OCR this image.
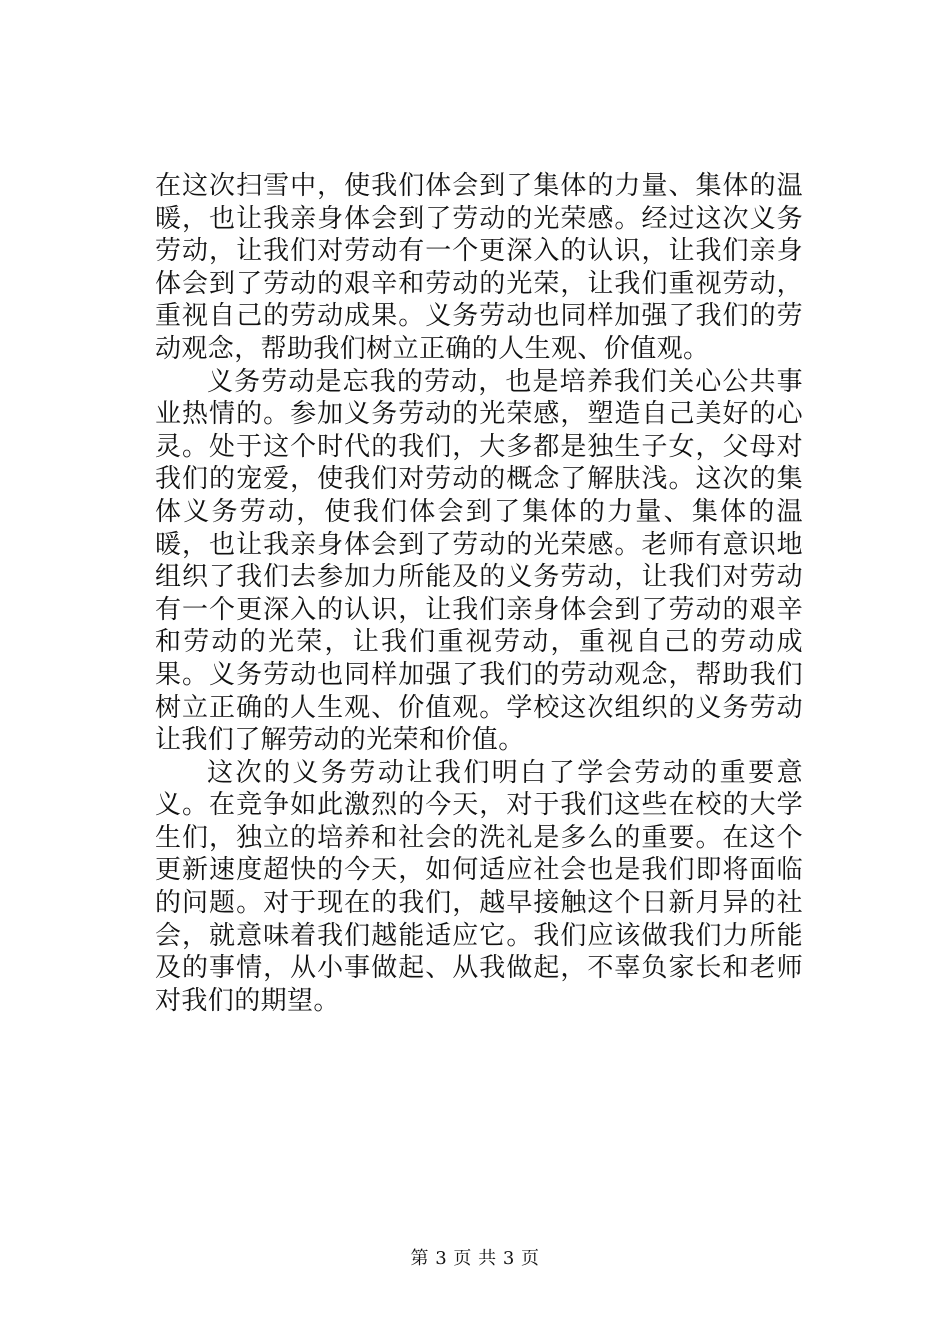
在这次扫雪中，使我们体会到了集体的力量、集体的温暖，也让我亲身体会到了劳动的光荣感。经过这次义务劳动，让我们对劳动有一个更深入的认识，让我们亲身体会到了劳动的艰辛和劳动的光荣，让我们重视劳动，重视自己的劳动成果。义务劳动也同样加强了我们的劳动观念，帮助我们树立正确的人生观、价值观。

义务劳动是忘我的劳动，也是培养我们关心公共事业热情的。参加义务劳动的光荣感，塑造自己美好的心灵。处于这个时代的我们，大多都是独生子女，父母对我们的宠爱，使我们对劳动的概念了解肤浅。这次的集体义务劳动，使我们体会到了集体的力量、集体的温暖，也让我亲身体会到了劳动的光荣感。老师有意识地组织了我们去参加力所能及的义务劳动，让我们对劳动有一个更深入的认识，让我们亲身体会到了劳动的艰辛和劳动的光荣，让我们重视劳动，重视自己的劳动成果。义务劳动也同样加强了我们的劳动观念，帮助我们树立正确的人生观、价值观。学校这次组织的义务劳动让我们了解劳动的光荣和价值。

这次的义务劳动让我们明白了学会劳动的重要意义。在竞争如此激烈的今天，对于我们这些在校的大学生们，独立的培养和社会的洗礼是多么的重要。在这个更新速度超快的今天，如何适应社会也是我们即将面临的问题。对于现在的我们，越早接触这个日新月异的社会，就意味着我们越能适应它。我们应该做我们力所能及的事情，从小事做起、从我做起，不辜负家长和老师对我们的期望。

第 3 页 共 3 页
